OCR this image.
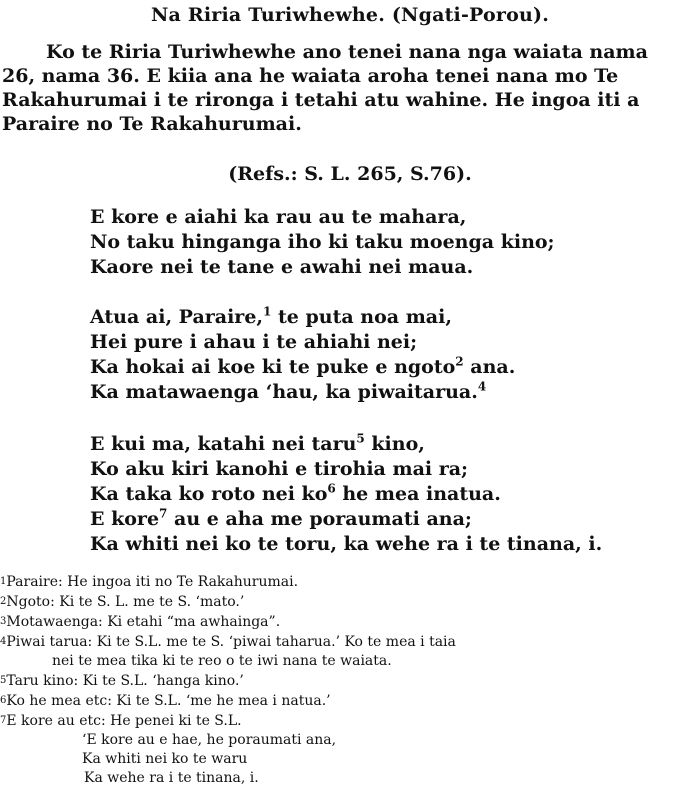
Na Riria Turiwhewhe. (Ngati-Porou).
Ko te Riria Turiwhewhe ano tenei nana nga waiata nama
26, nama 36. E kiia ana he waiata aroha tenei nana mo Te
Rakahurumai i te rironga i tetahi atu wahine. He ingoa iti a
Paraire no Te Rakahurumai.
(Refs.: S. L. 265, S.76).
E kore e aiahi ka rau au te mahara,
No taku hinganga iho ki taku moenga kino;
Kaore nei te tane e awahi nei maua.
Atua ai, Paraire,$^1$ te puta noa mai,
Hei pure i ahau i te ahiahi nei;
Ka hokai ai koe ki te puke e ngoto$^2$ ana.
Ka matawaenga ‘hau, ka piwaitarua.$^4$
E kui ma, katahi nei taru$^5$ kino,
Ko aku kiri kanohi e tirohia mai ra;
Ka taka ko roto nei $ko^6$ he mea inatua.
E kore$^7$ au e aha me poraumati ana;
Ka whiti nei ko te toru, ka wehe ra i te tinana, i.
1Paraire: He ingoa iti no Te Rakahurumai.
2Ngoto: Ki te S. L. me te S. ‘mato.’
3Motawaenga: Ki etahi “ma awhainga”.
4Piwai tarua: Ki te S.L. me te S. ‘piwai taharua.’ Ko te mea i taia
nei te mea tika ki te reo o te iwi nana te waiata.
5Taru kino: Ki te S.L. ‘hanga kino.’
6Ko he mea etc: Ki te S.L. ‘me he mea i natua.’
7E kore au etc: He penei ki te S.L.
‘E kore au e hae, he poraumati ana,
Ka whiti nei ko te waru
Ka wehe ra i te tinana, i.
